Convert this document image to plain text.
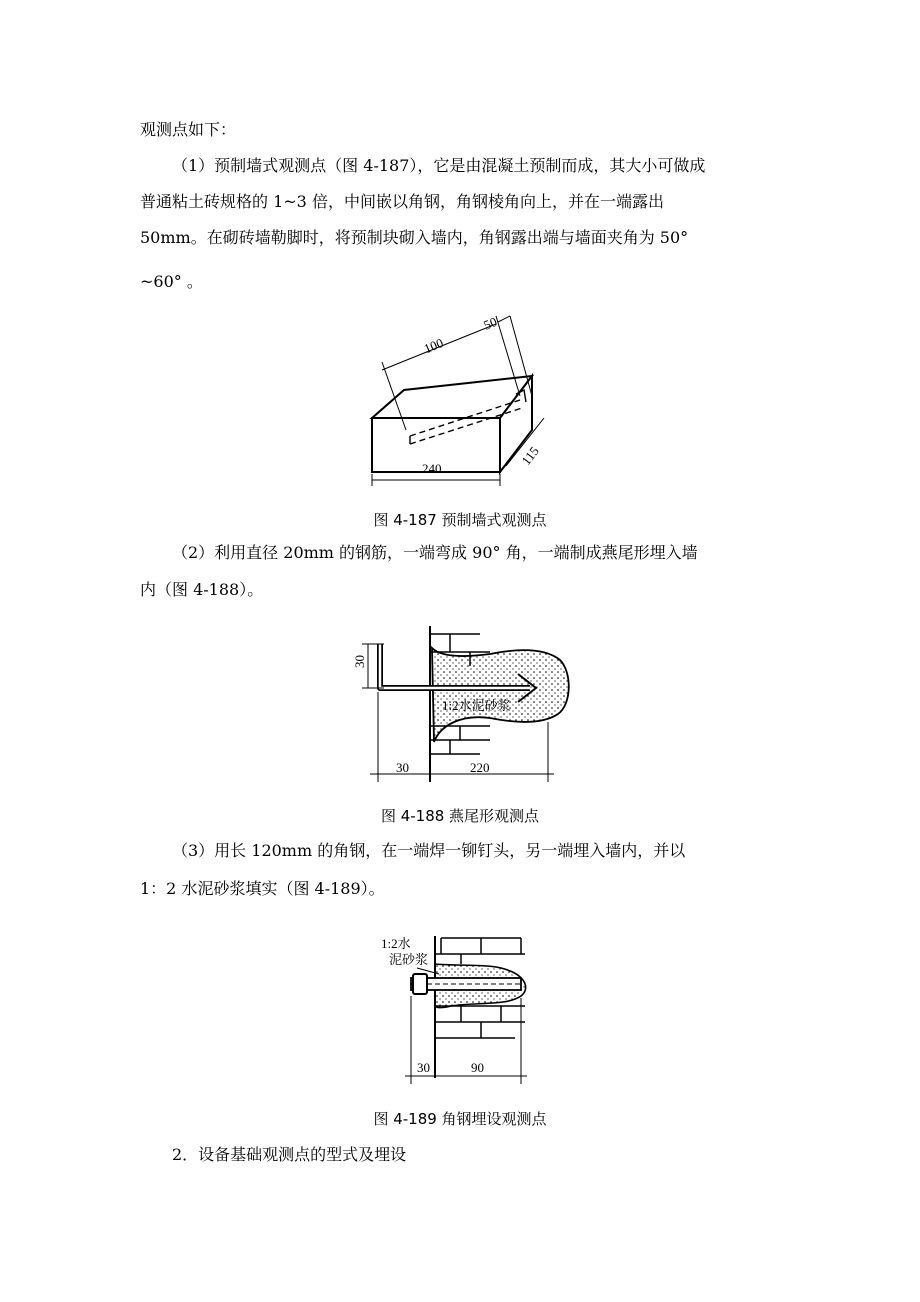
观测点如下：
（1）预制墙式观测点（图 4-187），它是由混凝土预制而成，其大小可做成
普通粘土砖规格的 1~3 倍，中间嵌以角钢，角钢棱角向上，并在一端露出
50mm。在砌砖墙勒脚时，将预制块砌入墙内，角钢露出端与墙面夹角为 50°
~60° 。
100
50
240
115
图 4-187 预制墙式观测点
（2）利用直径 20mm 的钢筋，一端弯成 90° 角，一端制成燕尾形埋入墙
内（图 4-188）。
1:2水泥砂浆
30
30	220
图 4-188 燕尾形观测点
（3）用长 120mm 的角钢，在一端焊一铆钉头，另一端埋入墙内，并以
1：2 水泥砂浆填实（图 4-189）。
1:2水
泥砂浆
30	90
图 4-189 角钢埋设观测点
2．设备基础观测点的型式及埋设
